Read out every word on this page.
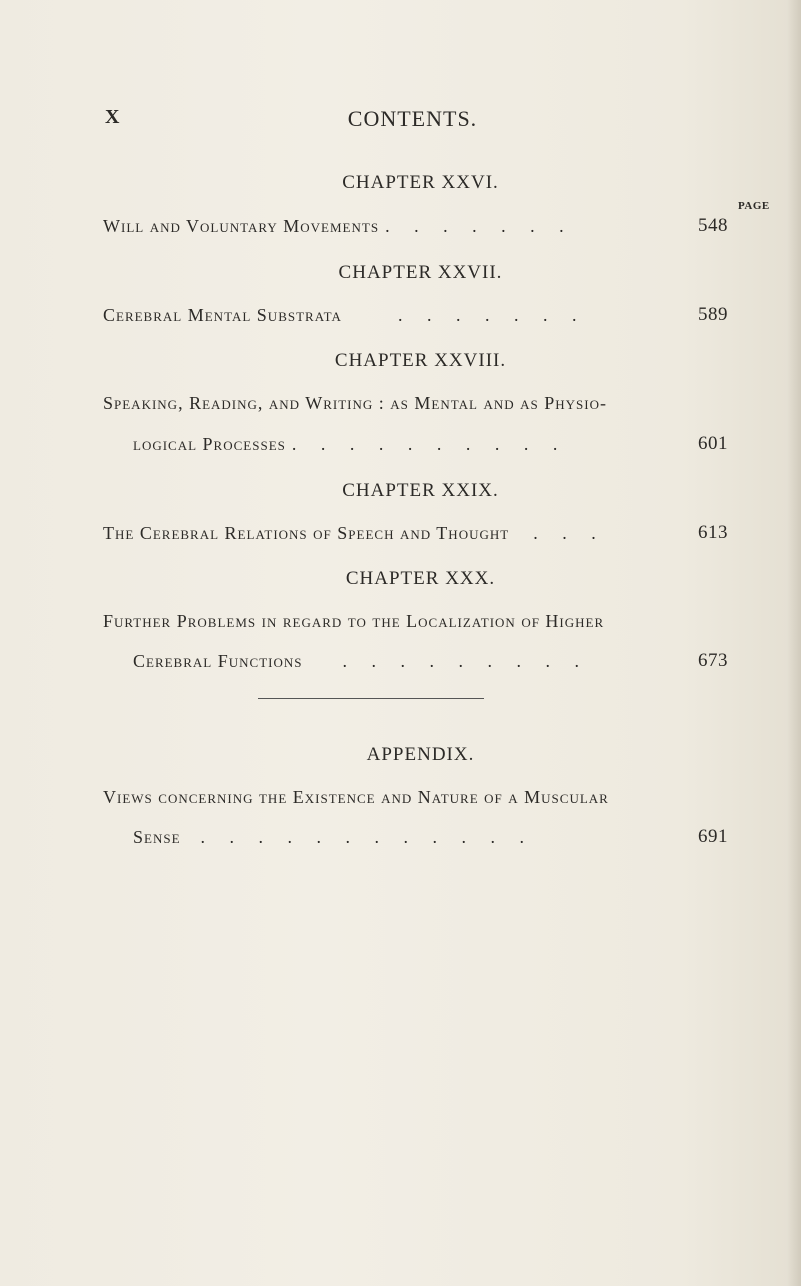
X	CONTENTS.
PAGE
CHAPTER XXVI.
Will and Voluntary Movements . . . . . . .	548
CHAPTER XXVII.
Cerebral Mental Substrata	. . . . . . .	589
CHAPTER XXVIII.
Speaking, Reading, and Writing : as Mental and as Physio-
logical Processes . . . . . . . . . .	601
CHAPTER XXIX.
The Cerebral Relations of Speech and Thought . . .	613
CHAPTER XXX.
Further Problems in regard to the Localization of Higher
Cerebral Functions . . . . . . . . .	673
APPENDIX.
Views concerning the Existence and Nature of a Muscular
Sense . . . . . . . . . . . .	691
